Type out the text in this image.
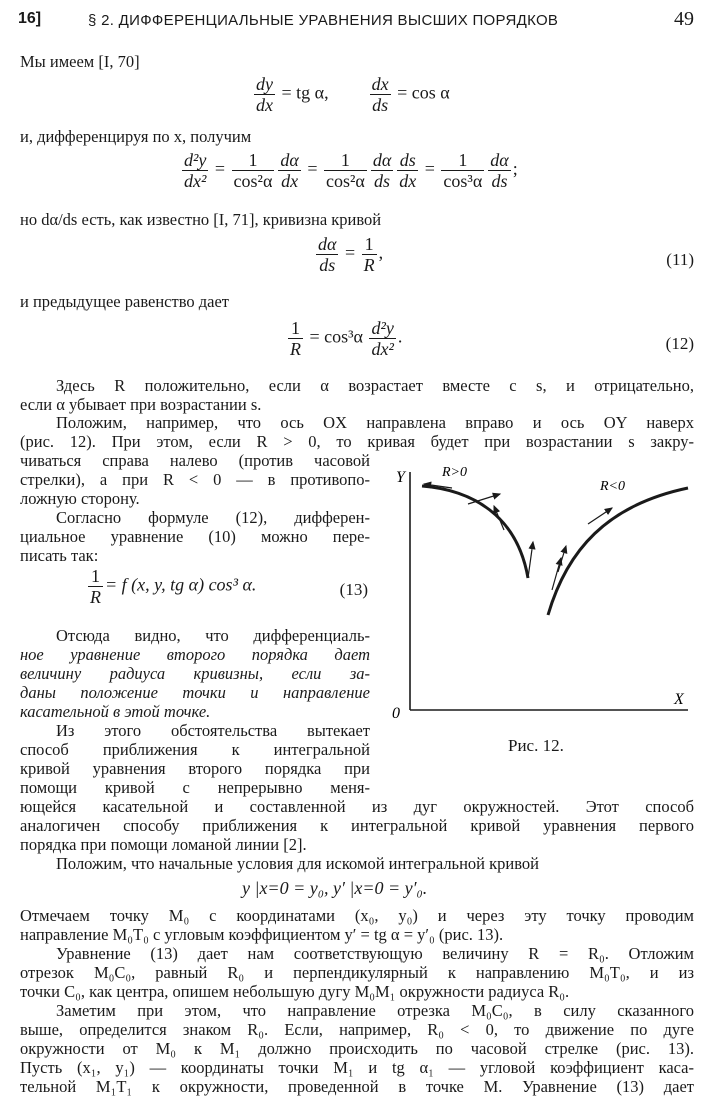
16]	§ 2. ДИФФЕРЕНЦИАЛЬНЫЕ УРАВНЕНИЯ ВЫСШИХ ПОРЯДКОВ	49
Мы имеем [I, 70]
$\frac{dy}{dx}$ = tg α, $\frac{dx}{ds} = \cos \alpha$
и, дифференцируя по x, получим
$\frac{\text{d²y}}{\text{dx²}} = \frac{1}{\text{cos²α}} \frac{d\alpha}{dx} = \frac{1}{\text{cos²α}} \frac{d\alpha}{ds} \frac{ds}{dx} = \frac{1}{\text{cos³α}} \frac{d\alpha}{ds}$ ;
но dα/ds есть, как известно [I, 71], кривизна кривой
$\frac{d\alpha}{ds} = \frac{1}{R}$ ,	(11)
и предыдущее равенство дает
$\frac{1}{R} = \cos^3\alpha \frac{\text{d²y}}{\text{dx²}}$ .	(12)
Здесь R положительно, если α возрастает вместе с s, и отрицательно,
если α убывает при возрастании s.
Положим, например, что ось OX направлена вправо и ось OY наверх
(рис. 12). При этом, если R > 0, то кривая будет при возрастании s закру-
чиваться справа налево (против часовой
стрелки), а при R < 0 — в противопо-
ложную сторону.
Согласно формуле (12), дифферен-
циальное уравнение (10) можно пере-
писать так:
$\frac{1}{R} = f$ (x, y, tg α) cos³ α.	(13)
Отсюда видно, что дифференциаль-
ное уравнение второго порядка дает
величину радиуса кривизны, если за-
даны положение точки и направление
касательной в этой точке.
Из этого обстоятельства вытекает
способ приближения к интегральной
кривой уравнения второго порядка при
помощи кривой с непрерывно меня-
ющейся касательной и составленной из дуг окружностей. Этот способ
аналогичен способу приближения к интегральной кривой уравнения первого
порядка при помощи ломаной линии [2].
Положим, что начальные условия для искомой интегральной кривой
y |x=0 = y₀, y′ |x=0 = y′₀.
Отмечаем точку M₀ с координатами (x₀, y₀) и через эту точку проводим
направление M₀T₀ с угловым коэффициентом y′ = tg α = y′₀ (рис. 13).
Уравнение (13) дает нам соответствующую величину R = R₀. Отложим
отрезок M₀C₀, равный R₀ и перпендикулярный к направлению M₀T₀, и из
точки C₀, как центра, опишем небольшую дугу M₀M₁ окружности радиуса R₀.
Заметим при этом, что направление отрезка M₀C₀, в силу сказанного
выше, определится знаком R₀. Если, например, R₀ < 0, то движение по дуге
окружности от M₀ к M₁ должно происходить по часовой стрелке (рис. 13).
Пусть (x₁, y₁) — координаты точки M₁ и tg α₁ — угловой коэффициент каса-
тельной M₁T₁ к окружности, проведенной в точке M. Уравнение (13) дает
Y
X
0
R>0
R<0
Рис. 12.
